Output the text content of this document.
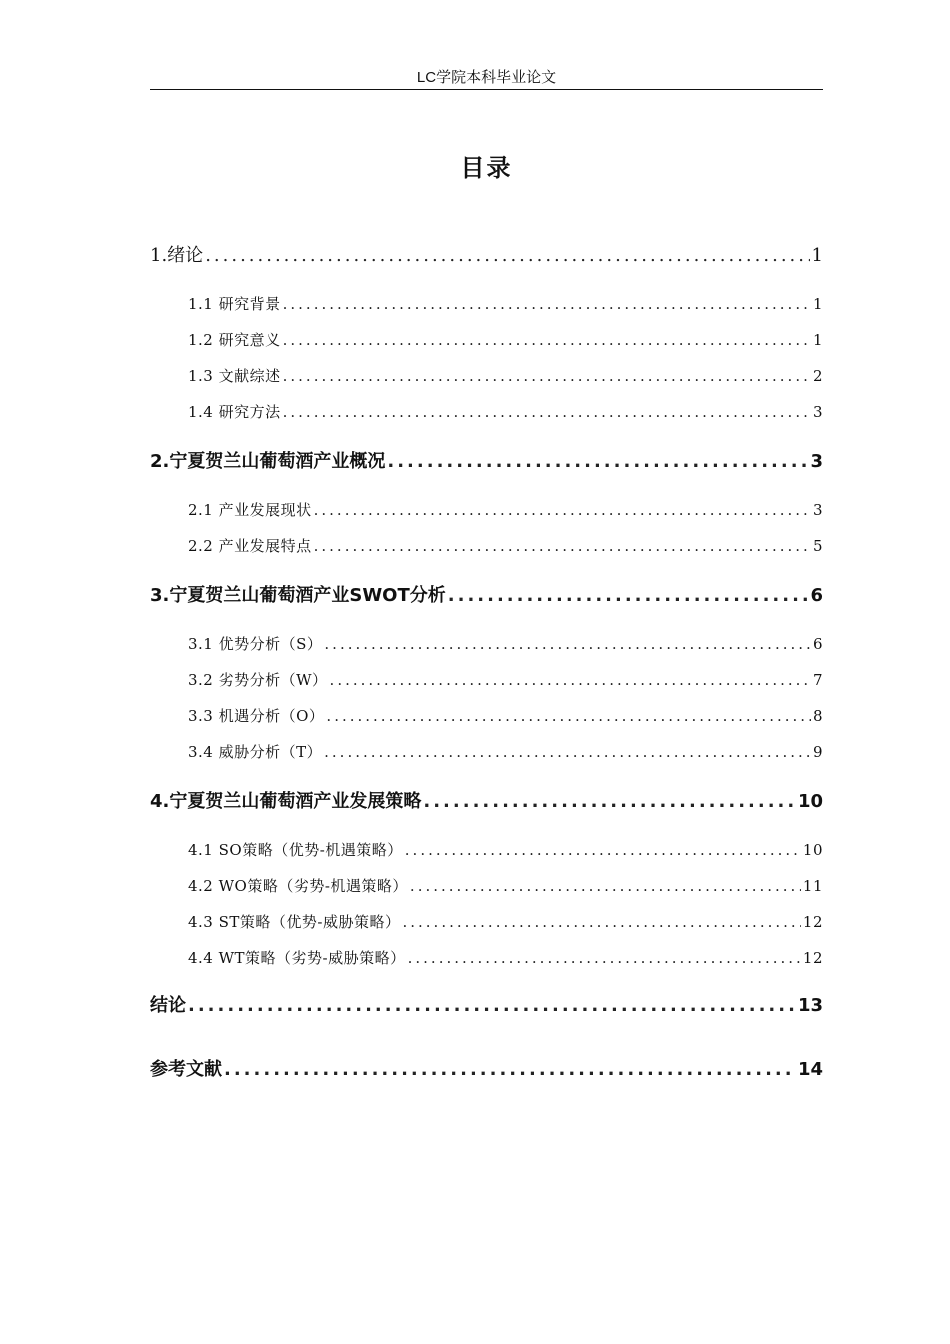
LC学院本科毕业论文
目录
1.绪论 .....	1
1.1 研究背景 .....	1
1.2 研究意义 .....	1
1.3 文献综述 .....	2
1.4 研究方法 .....	3
2.宁夏贺兰山葡萄酒产业概况 .....	3
2.1 产业发展现状 .....	3
2.2 产业发展特点 .....	5
3.宁夏贺兰山葡萄酒产业SWOT分析 .....	6
3.1 优势分析（S） .....	6
3.2 劣势分析（W） .....	7
3.3 机遇分析（O） .....	8
3.4 威胁分析（T） .....	9
4.宁夏贺兰山葡萄酒产业发展策略 .....	10
4.1 SO策略（优势-机遇策略） .....	10
4.2 WO策略（劣势-机遇策略） .....	11
4.3 ST策略（优势-威胁策略） .....	12
4.4 WT策略（劣势-威胁策略） .....	12
结论 .....	13
参考文献 .....	14
